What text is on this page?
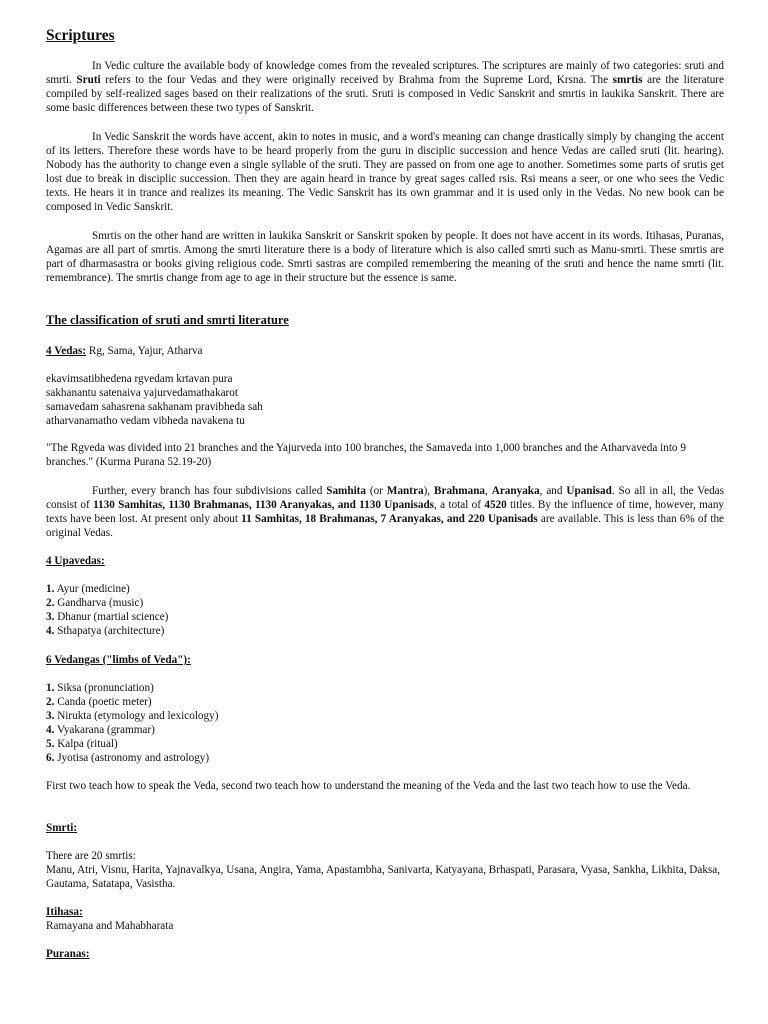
Scriptures

In Vedic culture the available body of knowledge comes from the revealed scriptures. The scriptures are mainly of two categories: sruti and smrti. Sruti refers to the four Vedas and they were originally received by Brahma from the Supreme Lord, Krsna. The smrtis are the literature compiled by self-realized sages based on their realizations of the sruti. Sruti is composed in Vedic Sanskrit and smrtis in laukika Sanskrit. There are some basic differences between these two types of Sanskrit.

In Vedic Sanskrit the words have accent, akin to notes in music, and a word's meaning can change drastically simply by changing the accent of its letters. Therefore these words have to be heard properly from the guru in disciplic succession and hence Vedas are called sruti (lit. hearing). Nobody has the authority to change even a single syllable of the sruti. They are passed on from one age to another. Sometimes some parts of srutis get lost due to break in disciplic succession. Then they are again heard in trance by great sages called rsis. Rsi means a seer, or one who sees the Vedic texts. He hears it in trance and realizes its meaning. The Vedic Sanskrit has its own grammar and it is used only in the Vedas. No new book can be composed in Vedic Sanskrit.

Smrtis on the other hand are written in laukika Sanskrit or Sanskrit spoken by people. It does not have accent in its words. Itihasas, Puranas, Agamas are all part of smrtis. Among the smrti literature there is a body of literature which is also called smrti such as Manu-smrti. These smrtis are part of dharmasastra or books giving religious code. Smrti sastras are compiled remembering the meaning of the sruti and hence the name smrti (lit. remembrance). The smrtis change from age to age in their structure but the essence is same.

The classification of sruti and smrti literature
4 Vedas: Rg, Sama, Yajur, Atharva
ekavimsatibhedena rgvedam krtavan pura
sakhanantu satenaiva yajurvedamathakarot
samavedam sahasrena sakhanam pravibheda sah
atharvanamatho vedam vibheda navakena tu

"The Rgveda was divided into 21 branches and the Yajurveda into 100 branches, the Samaveda into 1,000 branches and the Atharvaveda into 9 branches." (Kurma Purana 52.19-20)

Further, every branch has four subdivisions called Samhita (or Mantra), Brahmana, Aranyaka, and Upanisad. So all in all, the Vedas consist of 1130 Samhitas, 1130 Brahmanas, 1130 Aranyakas, and 1130 Upanisads, a total of 4520 titles. By the influence of time, however, many texts have been lost. At present only about 11 Samhitas, 18 Brahmanas, 7 Aranyakas, and 220 Upanisads are available. This is less than 6% of the original Vedas.

4 Upavedas:
1. Ayur (medicine)
2. Gandharva (music)
3. Dhanur (martial science)
4. Sthapatya (architecture)
6 Vedangas ("limbs of Veda"):
1. Siksa (pronunciation)
2. Canda (poetic meter)
3. Nirukta (etymology and lexicology)
4. Vyakarana (grammar)
5. Kalpa (ritual)
6. Jyotisa (astronomy and astrology)

First two teach how to speak the Veda, second two teach how to understand the meaning of the Veda and the last two teach how to use the Veda.

Smrti:
There are 20 smrtis:

Manu, Atri, Visnu, Harita, Yajnavalkya, Usana, Angira, Yama, Apastambha, Sanivarta, Katyayana, Brhaspati, Parasara, Vyasa, Sankha, Likhita, Daksa, Gautama, Satatapa, Vasistha.

Itihasa:
Ramayana and Mahabharata
Puranas:
